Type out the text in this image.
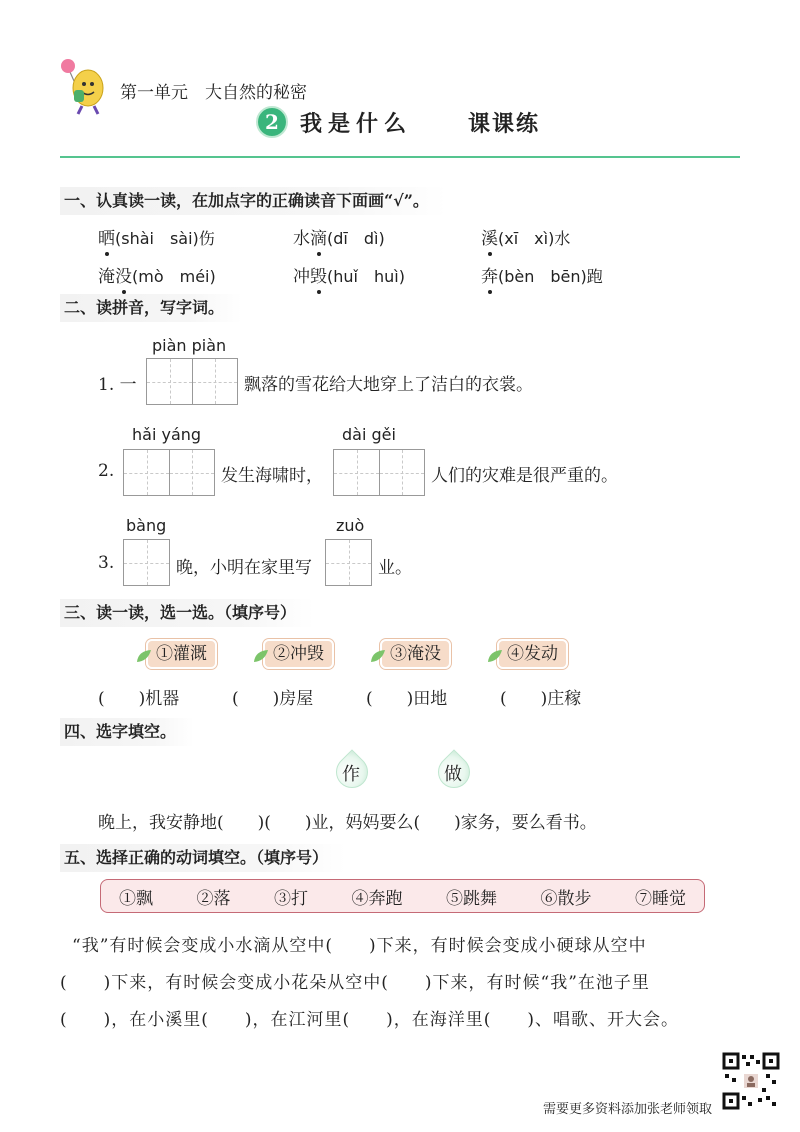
第一单元　大自然的秘密
2 我是什么	课课练
一、认真读一读，在加点字的正确读音下面画“√”。
晒(shài　sài)伤	水滴(dī　dì)	溪(xī　xì)水
淹没(mò　méi)	冲毁(huǐ　huì)	奔(bèn　bēn)跑
二、读拼音，写字词。
piàn piàn
1. 一	飘落的雪花给大地穿上了洁白的衣裳。
hǎi yáng
2.	发生海啸时，
dài gěi
人们的灾难是很严重的。
bàng
3.	晚，小明在家里写
zuò
业。
三、读一读，选一选。（填序号）
①灌溉	②冲毁	③淹没	④发动
(　　)机器	(　　)房屋	(　　)田地	(　　)庄稼
四、选字填空。
作	做
晚上，我安静地(　　)(　　)业，妈妈要么(　　)家务，要么看书。
五、选择正确的动词填空。（填序号）
①飘	②落	③打	④奔跑	⑤跳舞	⑥散步	⑦睡觉
“我”有时候会变成小水滴从空中(　　)下来，有时候会变成小硬球从空中
(　　)下来，有时候会变成小花朵从空中(　　)下来，有时候“我”在池子里
(　　)，在小溪里(　　)，在江河里(　　)，在海洋里(　　)、唱歌、开大会。
需要更多资料添加张老师领取
